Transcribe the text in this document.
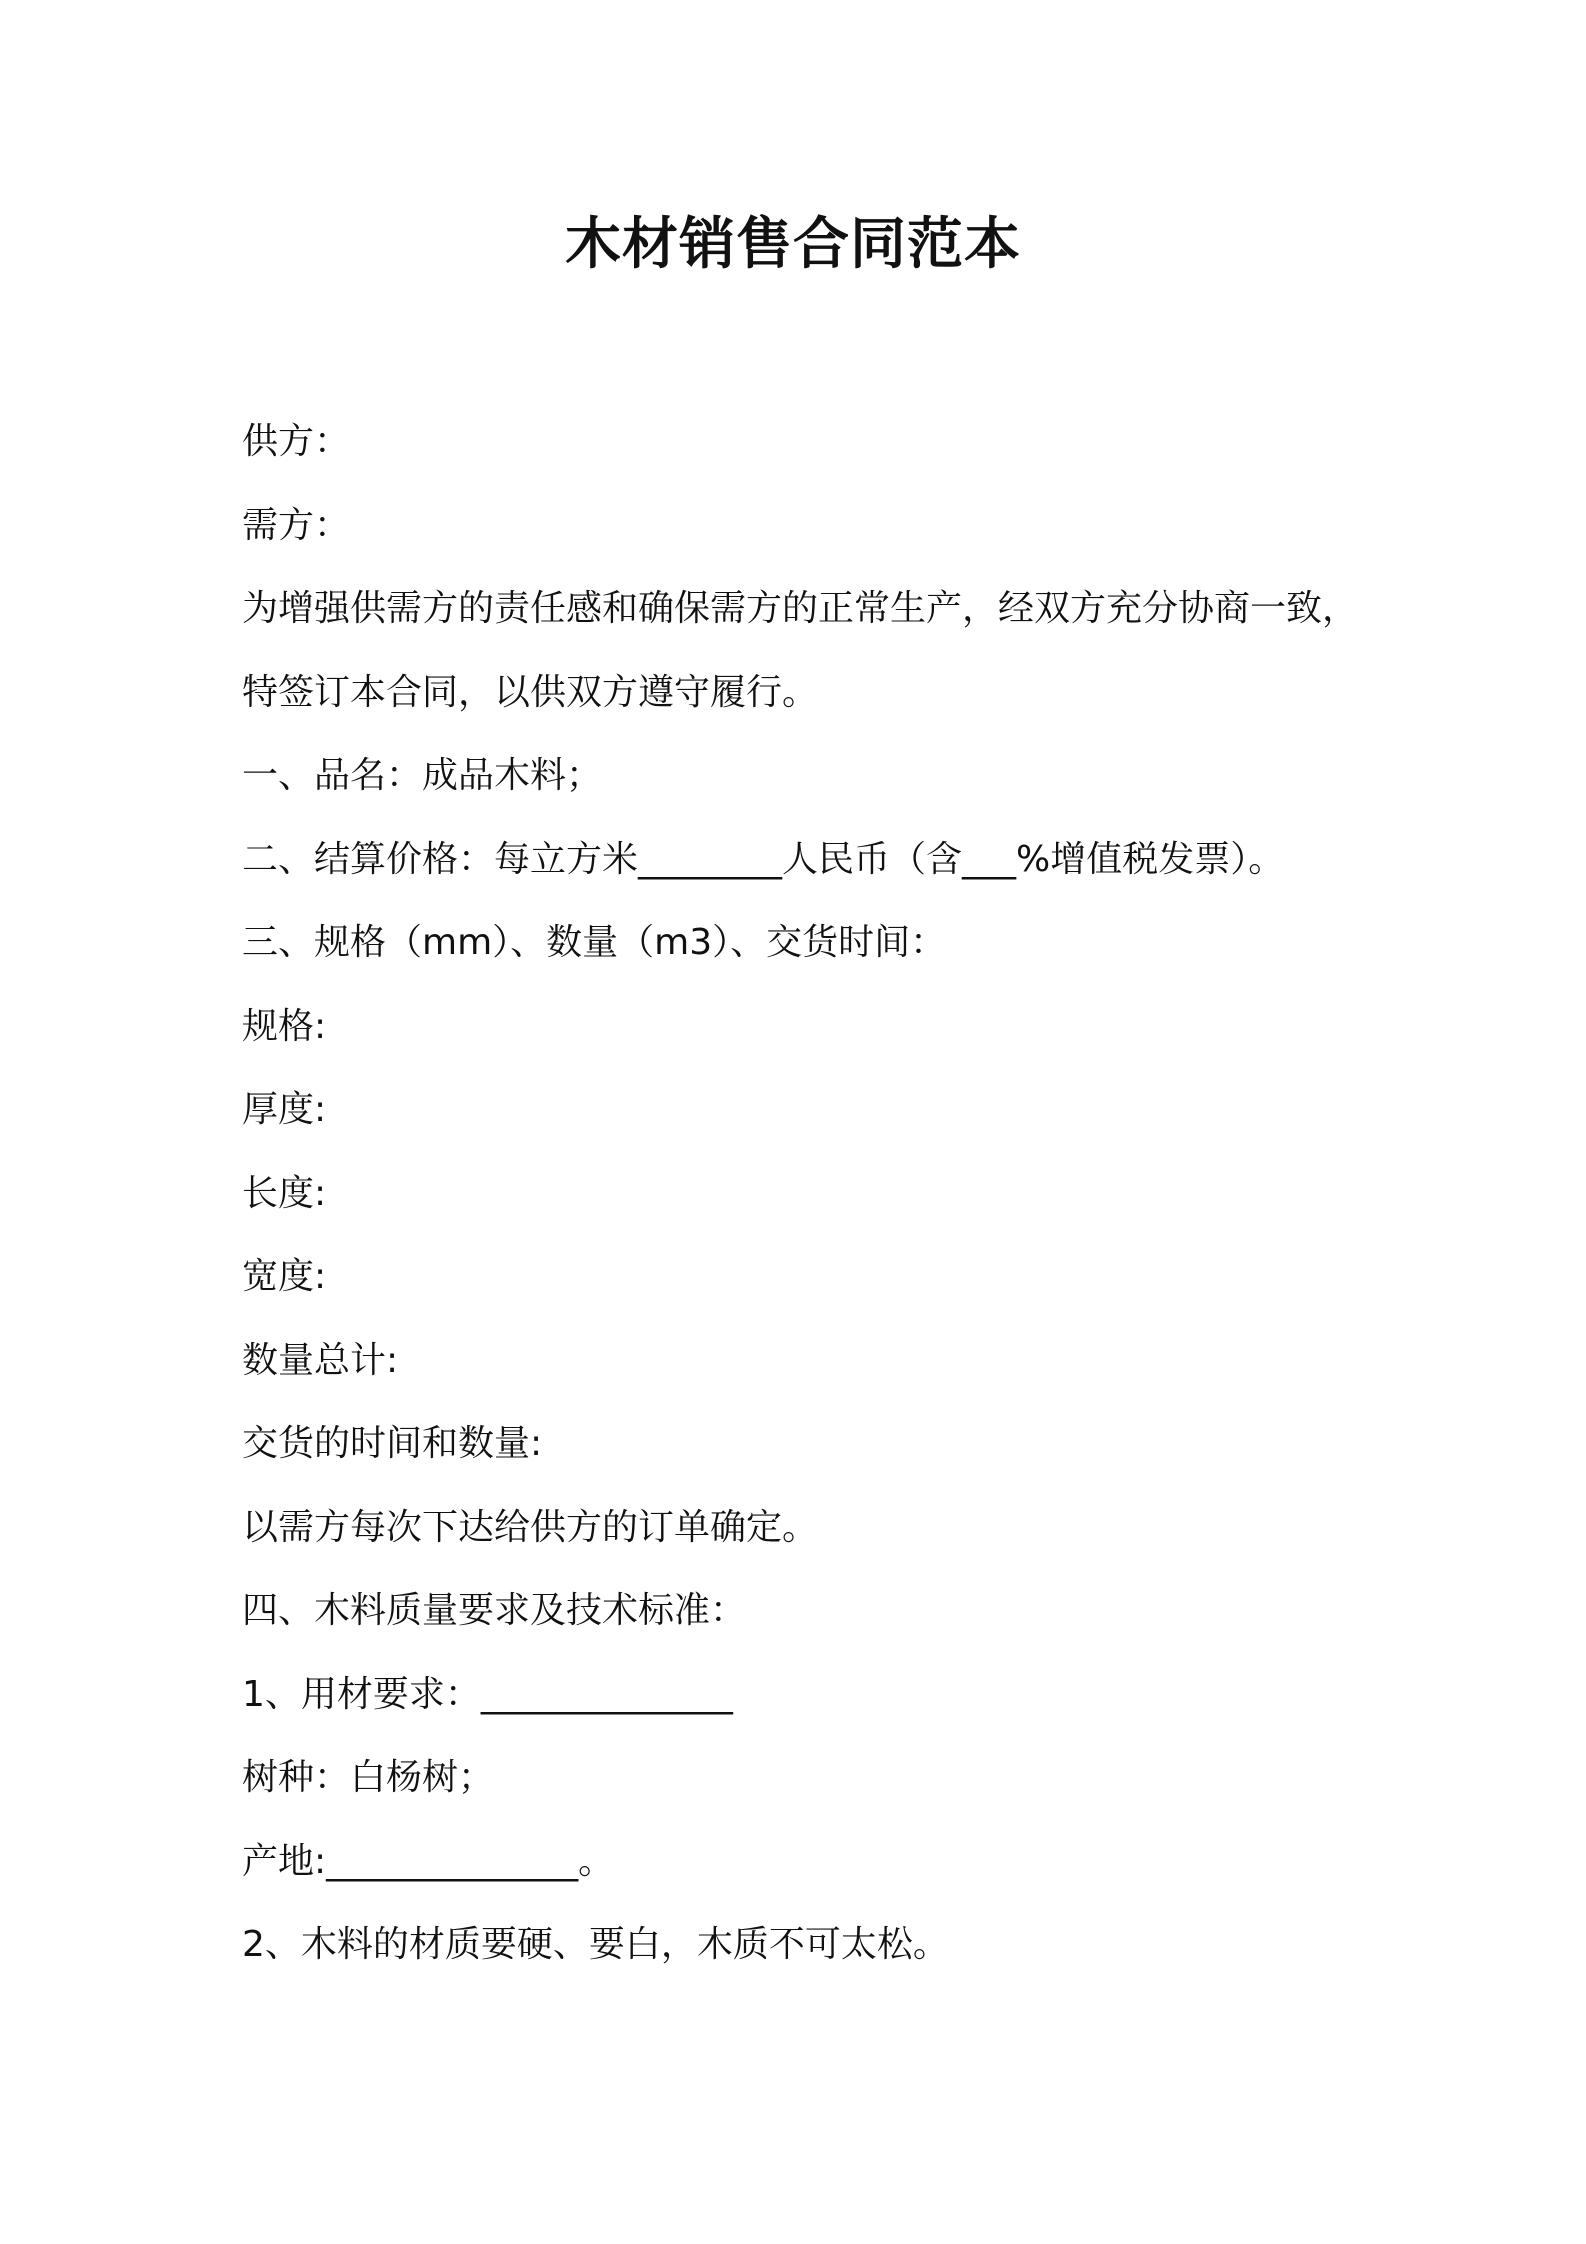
木材销售合同范本
供方：
需方：
为增强供需方的责任感和确保需方的正常生产，经双方充分协商一致，
特签订本合同，以供双方遵守履行。
一、品名：成品木料；
二、结算价格：每立方米________人民币（含___%增值税发票）。
三、规格（mm）、数量（m3）、交货时间：
规格:
厚度:
长度:
宽度:
数量总计:
交货的时间和数量:
以需方每次下达给供方的订单确定。
四、木料质量要求及技术标准：
1、用材要求：______________
树种：白杨树；
产地:______________。
2、木料的材质要硬、要白，木质不可太松。
